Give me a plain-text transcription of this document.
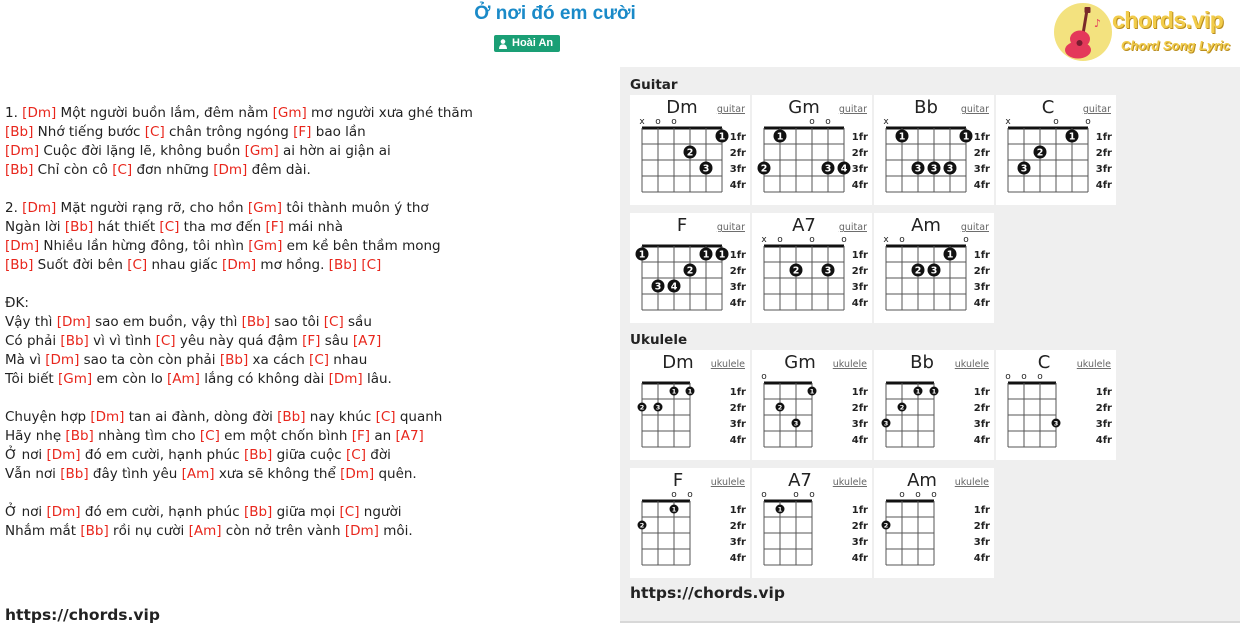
Ở nơi đó em cười
Hoài An
♪ chords.vip
Chord Song Lyric

1. [Dm] Một người buồn lắm, đêm nằm [Gm] mơ người xưa ghé thăm
[Bb] Nhớ tiếng bước [C] chân trông ngóng [F] bao lần
[Dm] Cuộc đời lặng lẽ, không buồn [Gm] ai hờn ai giận ai
[Bb] Chỉ còn cô [C] đơn những [Dm] đêm dài.
2. [Dm] Mặt người rạng rỡ, cho hồn [Gm] tôi thành muôn ý thơ
Ngàn lời [Bb] hát thiết [C] tha mơ đến [F] mái nhà
[Dm] Nhiều lần hừng đông, tôi nhìn [Gm] em kề bên thầm mong
[Bb] Suốt đời bên [C] nhau giấc [Dm] mơ hồng. [Bb] [C]
ĐK:
Vậy thì [Dm] sao em buồn, vậy thì [Bb] sao tôi [C] sầu
Có phải [Bb] vì vì tình [C] yêu này quá đậm [F] sâu [A7]
Mà vì [Dm] sao ta còn còn phải [Bb] xa cách [C] nhau
Tôi biết [Gm] em còn lo [Am] lắng có không dài [Dm] lâu.
Chuyện hợp [Dm] tan ai đành, dòng đời [Bb] nay khúc [C] quanh
Hãy nhẹ [Bb] nhàng tìm cho [C] em một chốn bình [F] an [A7]
Ở nơi [Dm] đó em cười, hạnh phúc [Bb] giữa cuộc [C] đời
Vẫn nơi [Bb] đây tình yêu [Am] xưa sẽ không thể [Dm] quên.
Ở nơi [Dm] đó em cười, hạnh phúc [Bb] giữa mọi [C] người
Nhắm mắt [Bb] rồi nụ cười [Am] còn nở trên vành [Dm] môi.

https://chords.vip

Guitar
Dm guitar
1fr
2fr
3fr
4fr
x o o
1
2
3
Gm guitar
1fr
2fr
3fr
4fr
o o
2
1
3 4
Bb guitar
1fr
2fr
3fr
4fr
x
1	1
3 3 3
C	guitar
1fr
2fr
3fr
4fr
x	o	o
3
2
1
F	guitar
1fr
2fr
3fr
4fr
1	1 1
2
3 4
A7 guitar
1fr
2fr
3fr
4fr
x o	o	o
2	3
Am guitar
1fr
2fr
3fr
4fr
x o	o
2 3
1
Ukulele
Dm ukulele
1fr
2fr
3fr
4fr
2 3
1 1
Gm ukulele
1fr
2fr
3fr
4fr
o
2
3
1
Bb ukulele
1fr
2fr
3fr
4fr
3
2
1 1
C	ukulele
1fr
2fr
3fr
4fr
o o o
3
F	ukulele
1fr
2fr
3fr
4fr
o o
2
1
A7 ukulele
1fr
2fr
3fr
4fr
o	o o
1
Am ukulele
1fr
2fr
3fr
4fr
o o o
2
https://chords.vip
